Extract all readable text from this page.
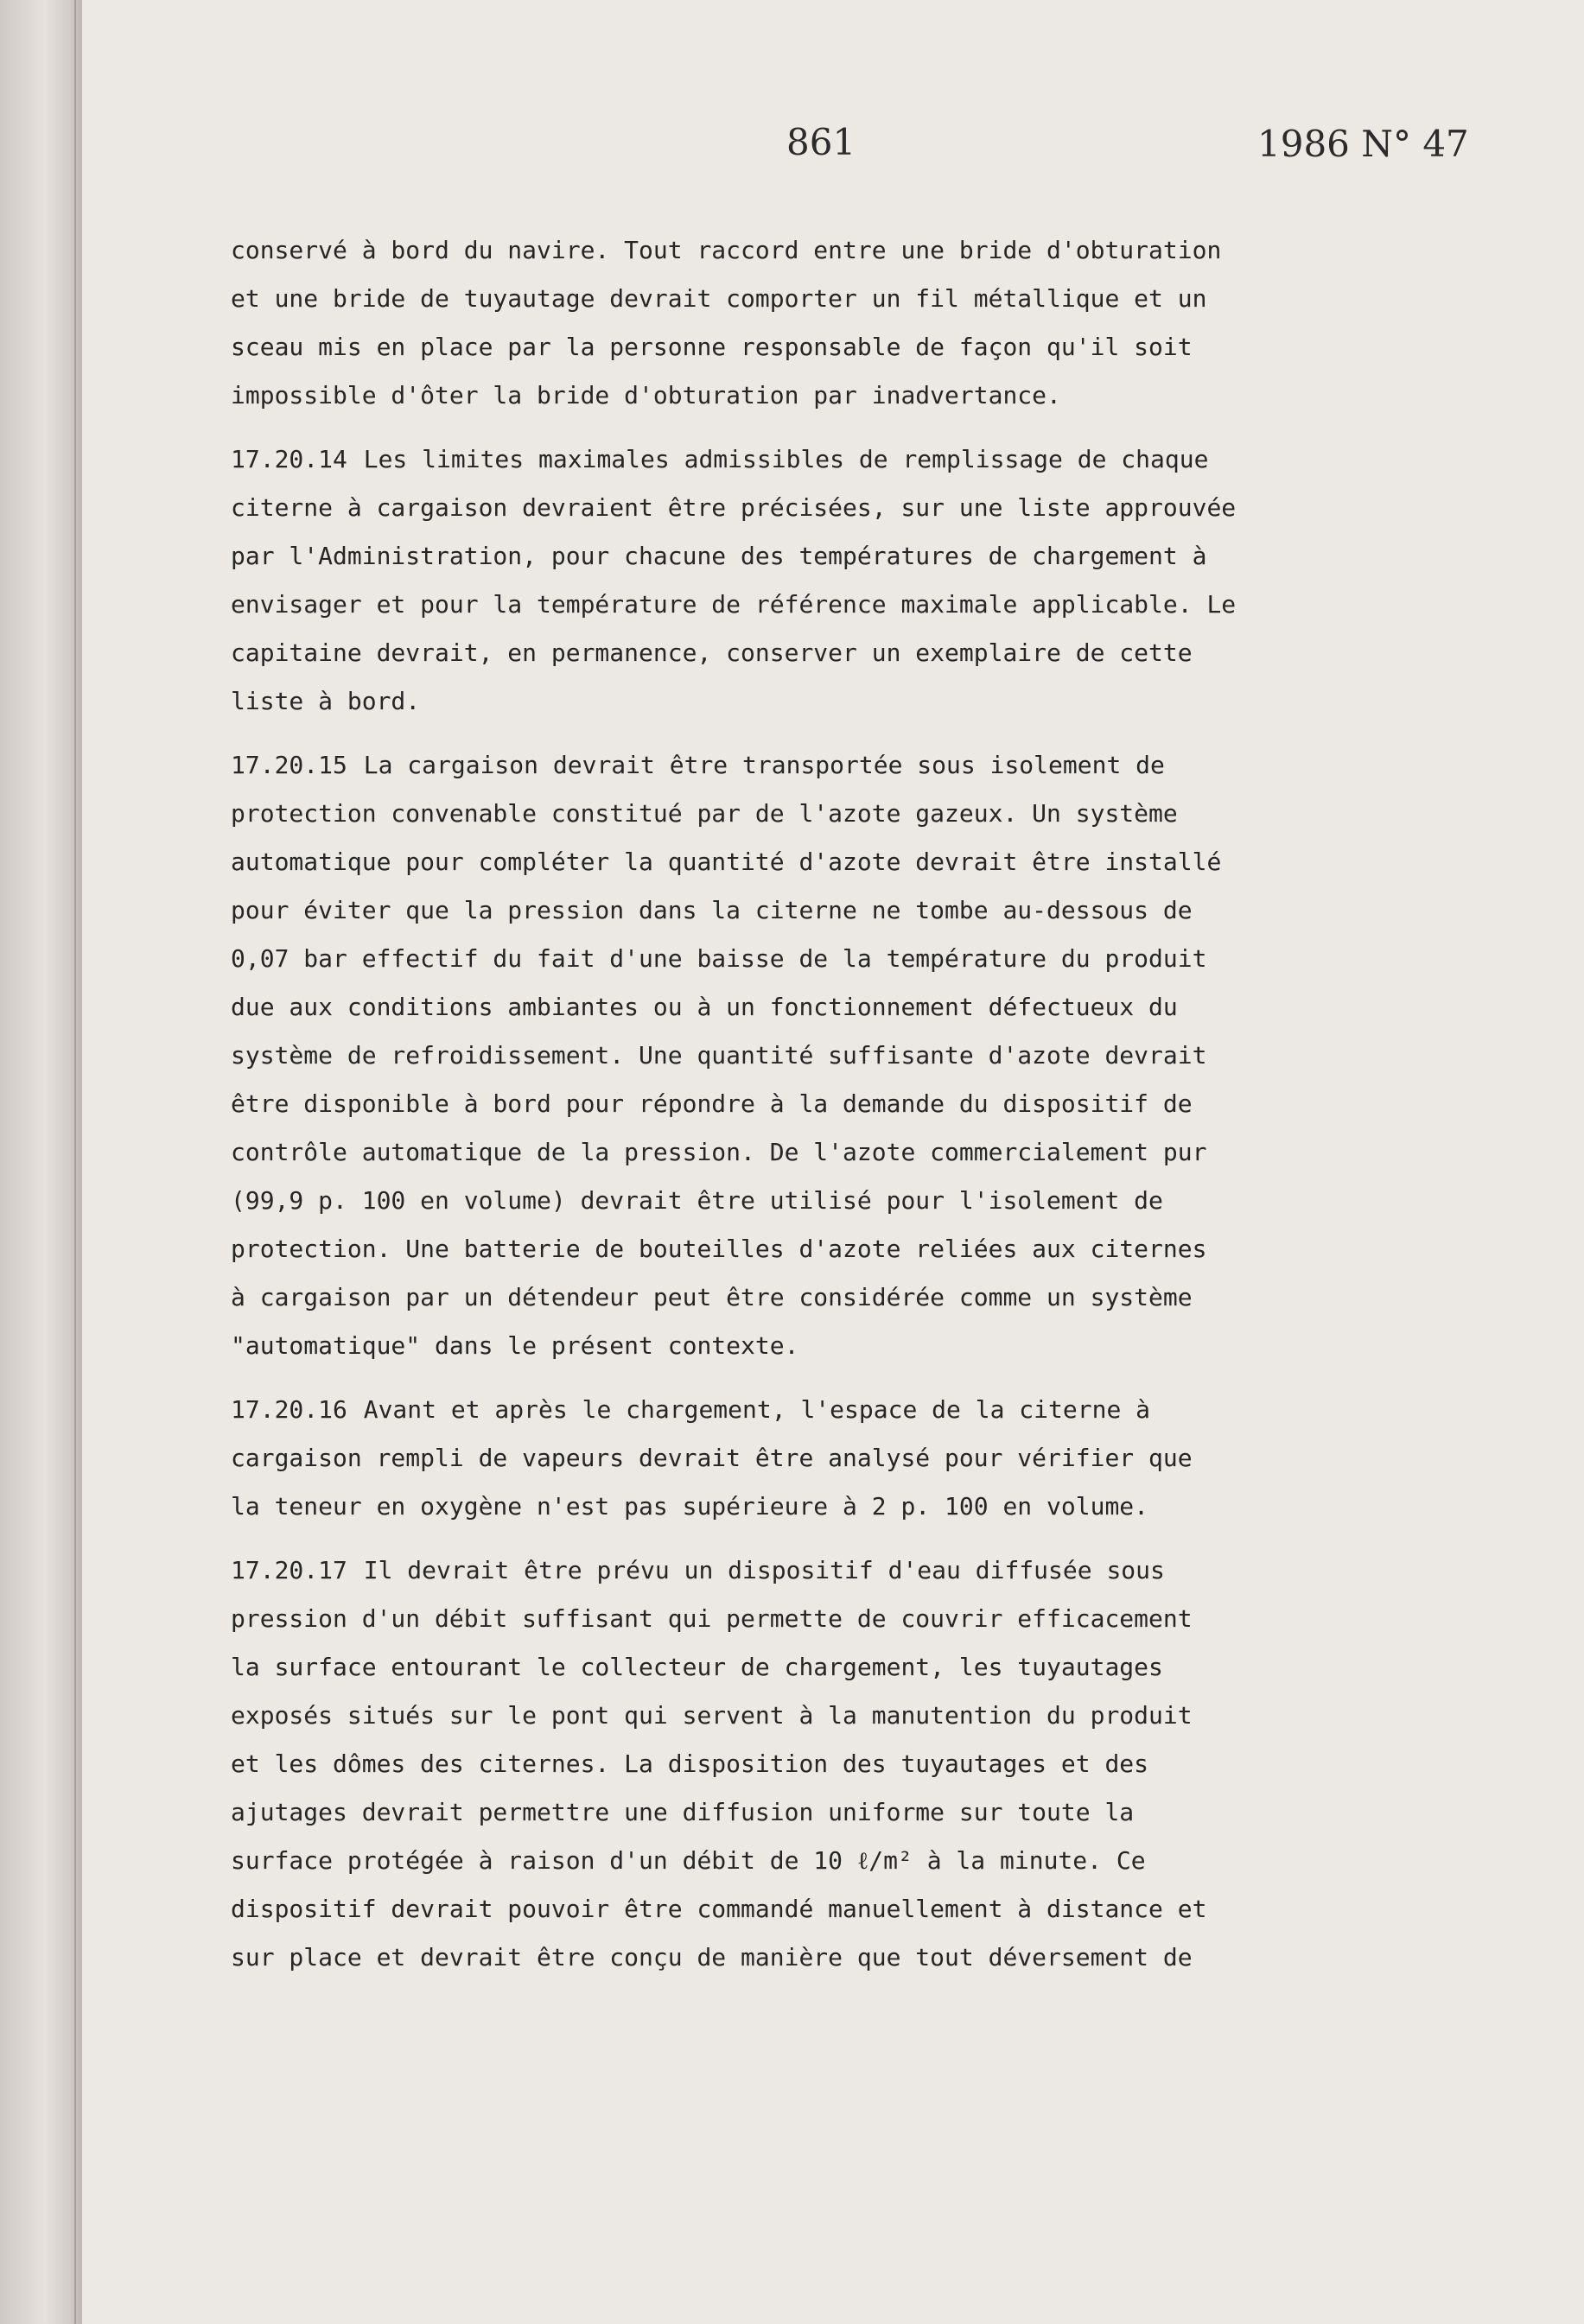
861	1986 N° 47
conservé à bord du navire. Tout raccord entre une bride d'obturation
et une bride de tuyautage devrait comporter un fil métallique et un
sceau mis en place par la personne responsable de façon qu'il soit
impossible d'ôter la bride d'obturation par inadvertance.
17.20.14 Les limites maximales admissibles de remplissage de chaque
citerne à cargaison devraient être précisées, sur une liste approuvée
par l'Administration, pour chacune des températures de chargement à
envisager et pour la température de référence maximale applicable. Le
capitaine devrait, en permanence, conserver un exemplaire de cette
liste à bord.
17.20.15 La cargaison devrait être transportée sous isolement de
protection convenable constitué par de l'azote gazeux. Un système
automatique pour compléter la quantité d'azote devrait être installé
pour éviter que la pression dans la citerne ne tombe au-dessous de
0,07 bar effectif du fait d'une baisse de la température du produit
due aux conditions ambiantes ou à un fonctionnement défectueux du
système de refroidissement. Une quantité suffisante d'azote devrait
être disponible à bord pour répondre à la demande du dispositif de
contrôle automatique de la pression. De l'azote commercialement pur
(99,9 p. 100 en volume) devrait être utilisé pour l'isolement de
protection. Une batterie de bouteilles d'azote reliées aux citernes
à cargaison par un détendeur peut être considérée comme un système
"automatique" dans le présent contexte.
17.20.16 Avant et après le chargement, l'espace de la citerne à
cargaison rempli de vapeurs devrait être analysé pour vérifier que
la teneur en oxygène n'est pas supérieure à 2 p. 100 en volume.
17.20.17 Il devrait être prévu un dispositif d'eau diffusée sous
pression d'un débit suffisant qui permette de couvrir efficacement
la surface entourant le collecteur de chargement, les tuyautages
exposés situés sur le pont qui servent à la manutention du produit
et les dômes des citernes. La disposition des tuyautages et des
ajutages devrait permettre une diffusion uniforme sur toute la
surface protégée à raison d'un débit de 10 ℓ/m² à la minute. Ce
dispositif devrait pouvoir être commandé manuellement à distance et
sur place et devrait être conçu de manière que tout déversement de
